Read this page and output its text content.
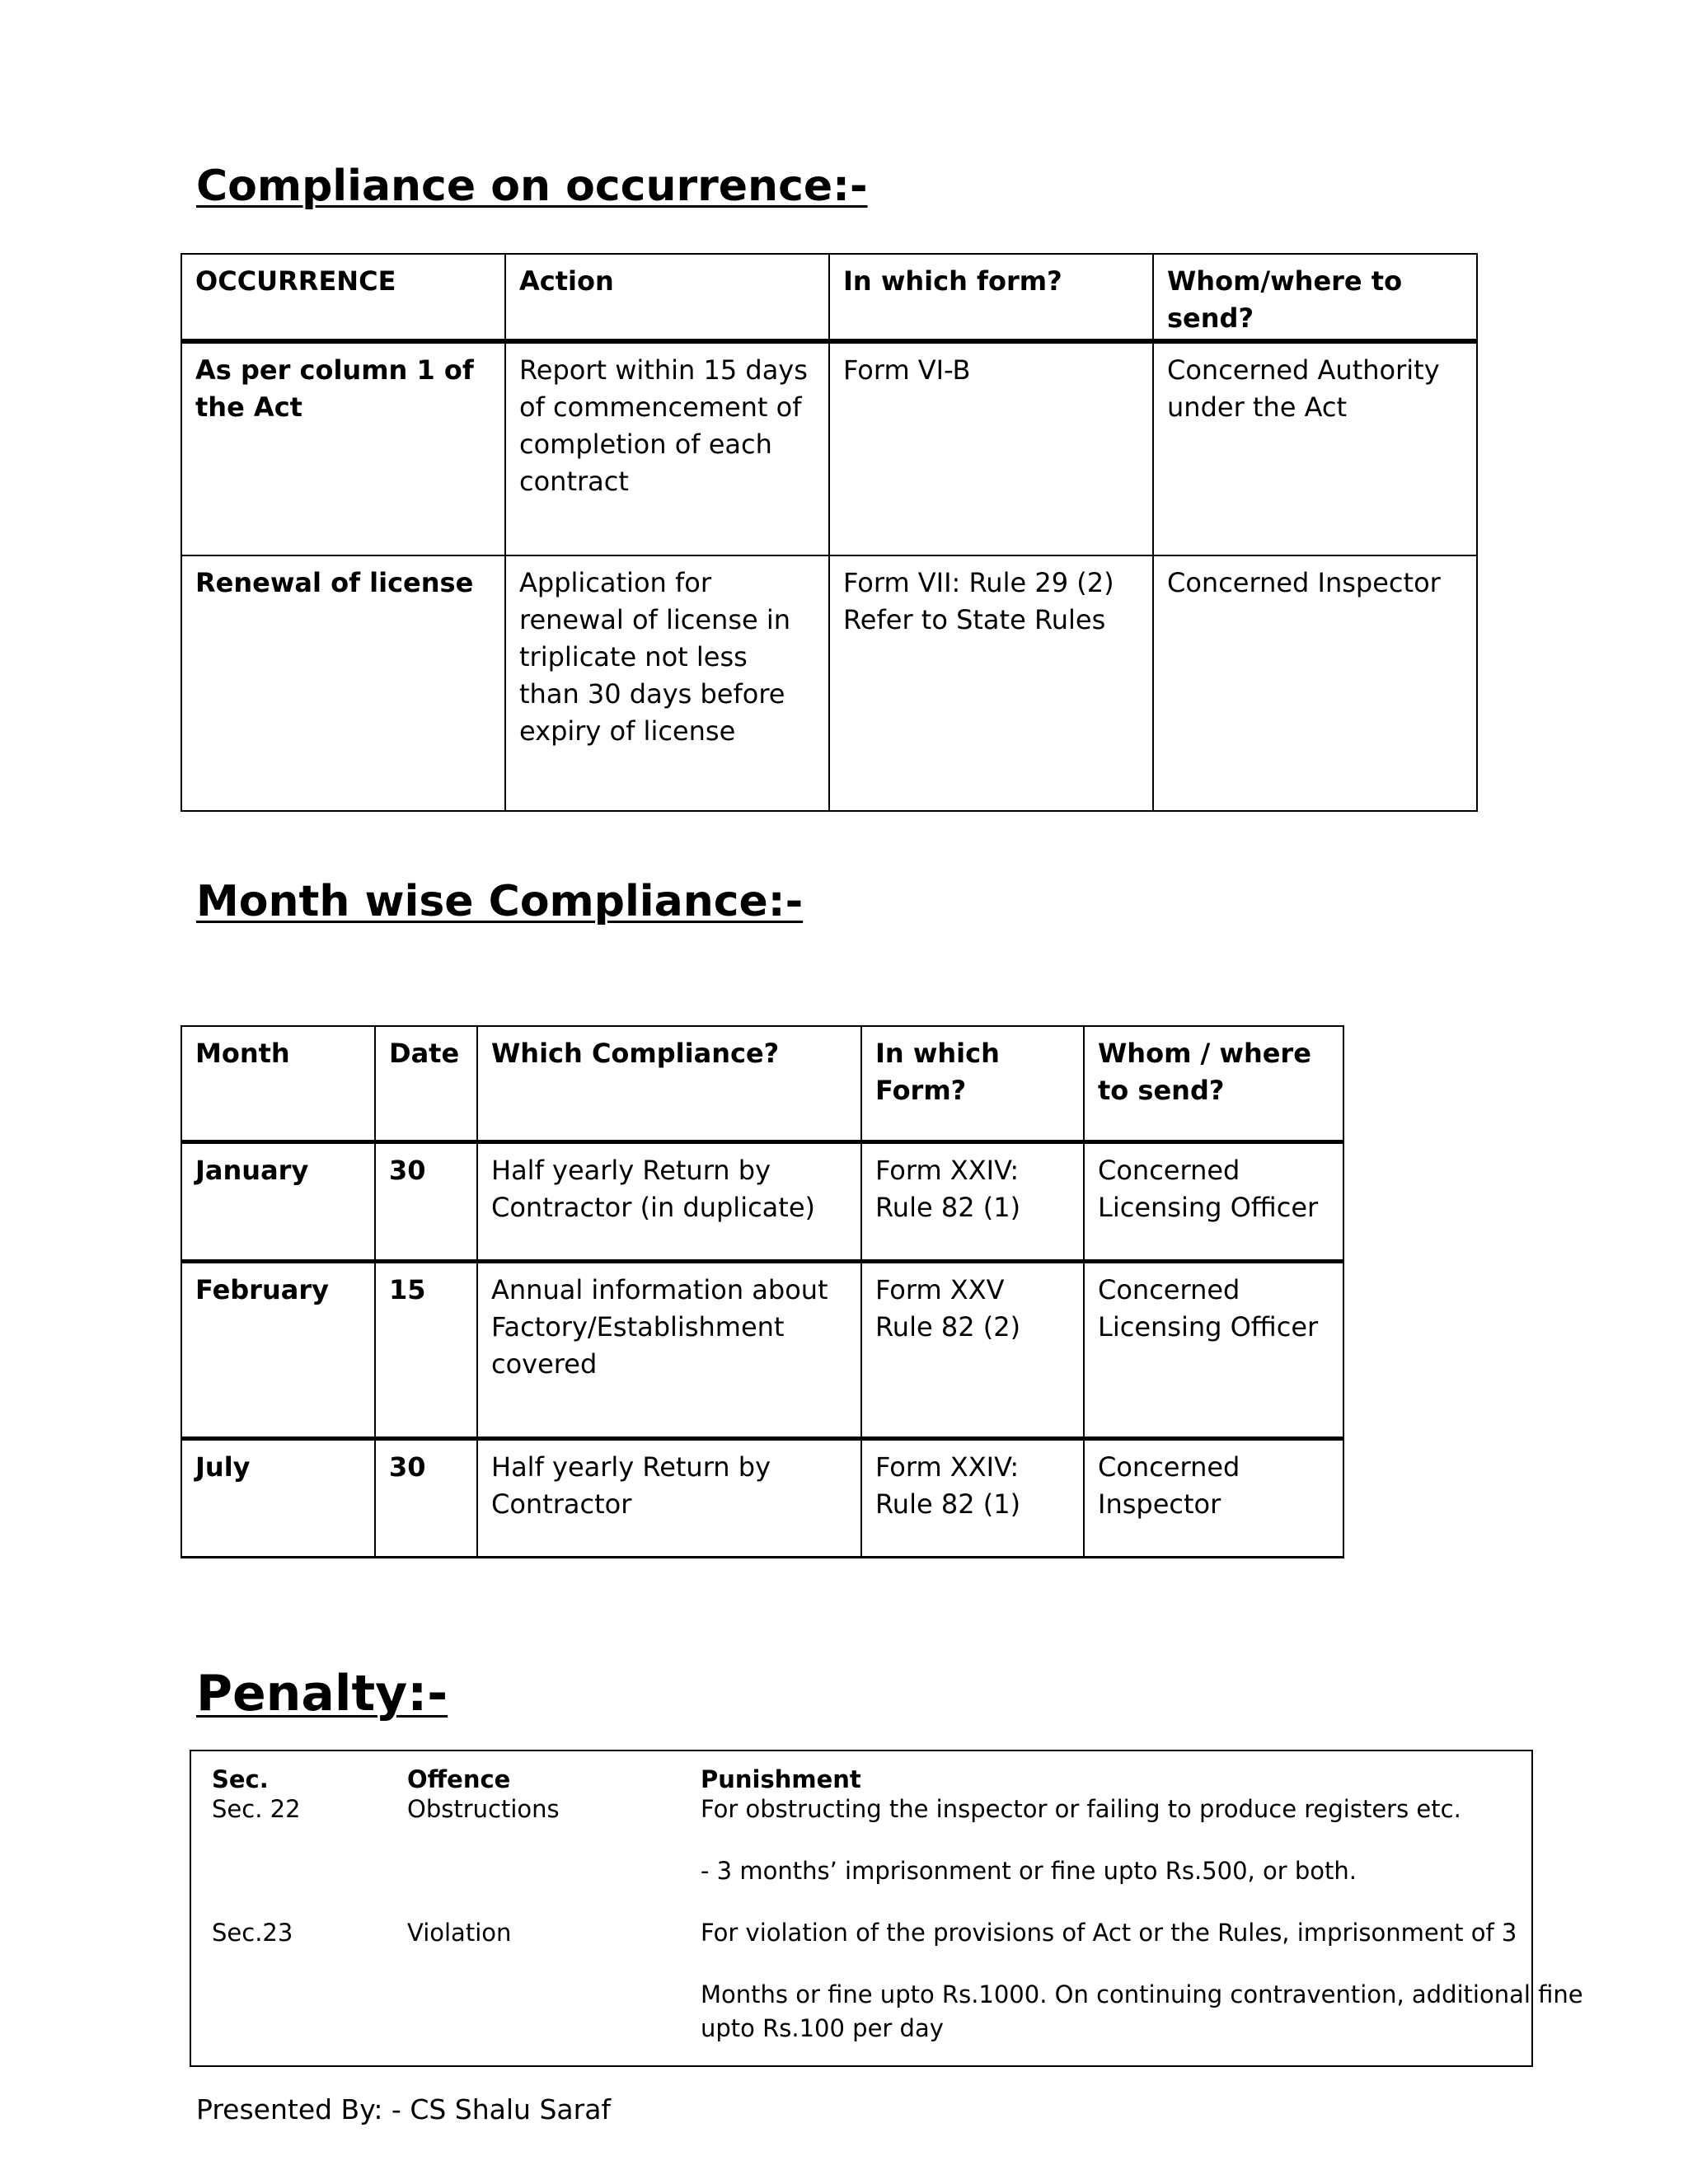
Compliance on occurrence:-
OCCURRENCE	Action	In which form?	Whom/where to send?
As per column 1 of the Act	Report within 15 days of commencement of completion of each contract	Form VI-B	Concerned Authority under the Act
Renewal of license	Application for renewal of license in triplicate not less than 30 days before expiry of license	Form VII: Rule 29 (2) Refer to State Rules	Concerned Inspector
Month wise Compliance:-
Month	Date	Which Compliance?	In which Form?	Whom / where to send?
January	30	Half yearly Return by Contractor (in duplicate)	Form XXIV: Rule 82 (1)	Concerned Licensing Officer
February	15	Annual information about Factory/Establishment covered	Form XXV Rule 82 (2)	Concerned Licensing Officer
July	30	Half yearly Return by Contractor	Form XXIV: Rule 82 (1)	Concerned Inspector
Penalty:-
Sec.	Offence	Punishment
Sec. 22	Obstructions	For obstructing the inspector or failing to produce registers etc.
- 3 months’ imprisonment or fine upto Rs.500, or both.
Sec.23	Violation	For violation of the provisions of Act or the Rules, imprisonment of 3
Months or fine upto Rs.1000. On continuing contravention, additional fine
upto Rs.100 per day

Presented By: - CS Shalu Saraf
